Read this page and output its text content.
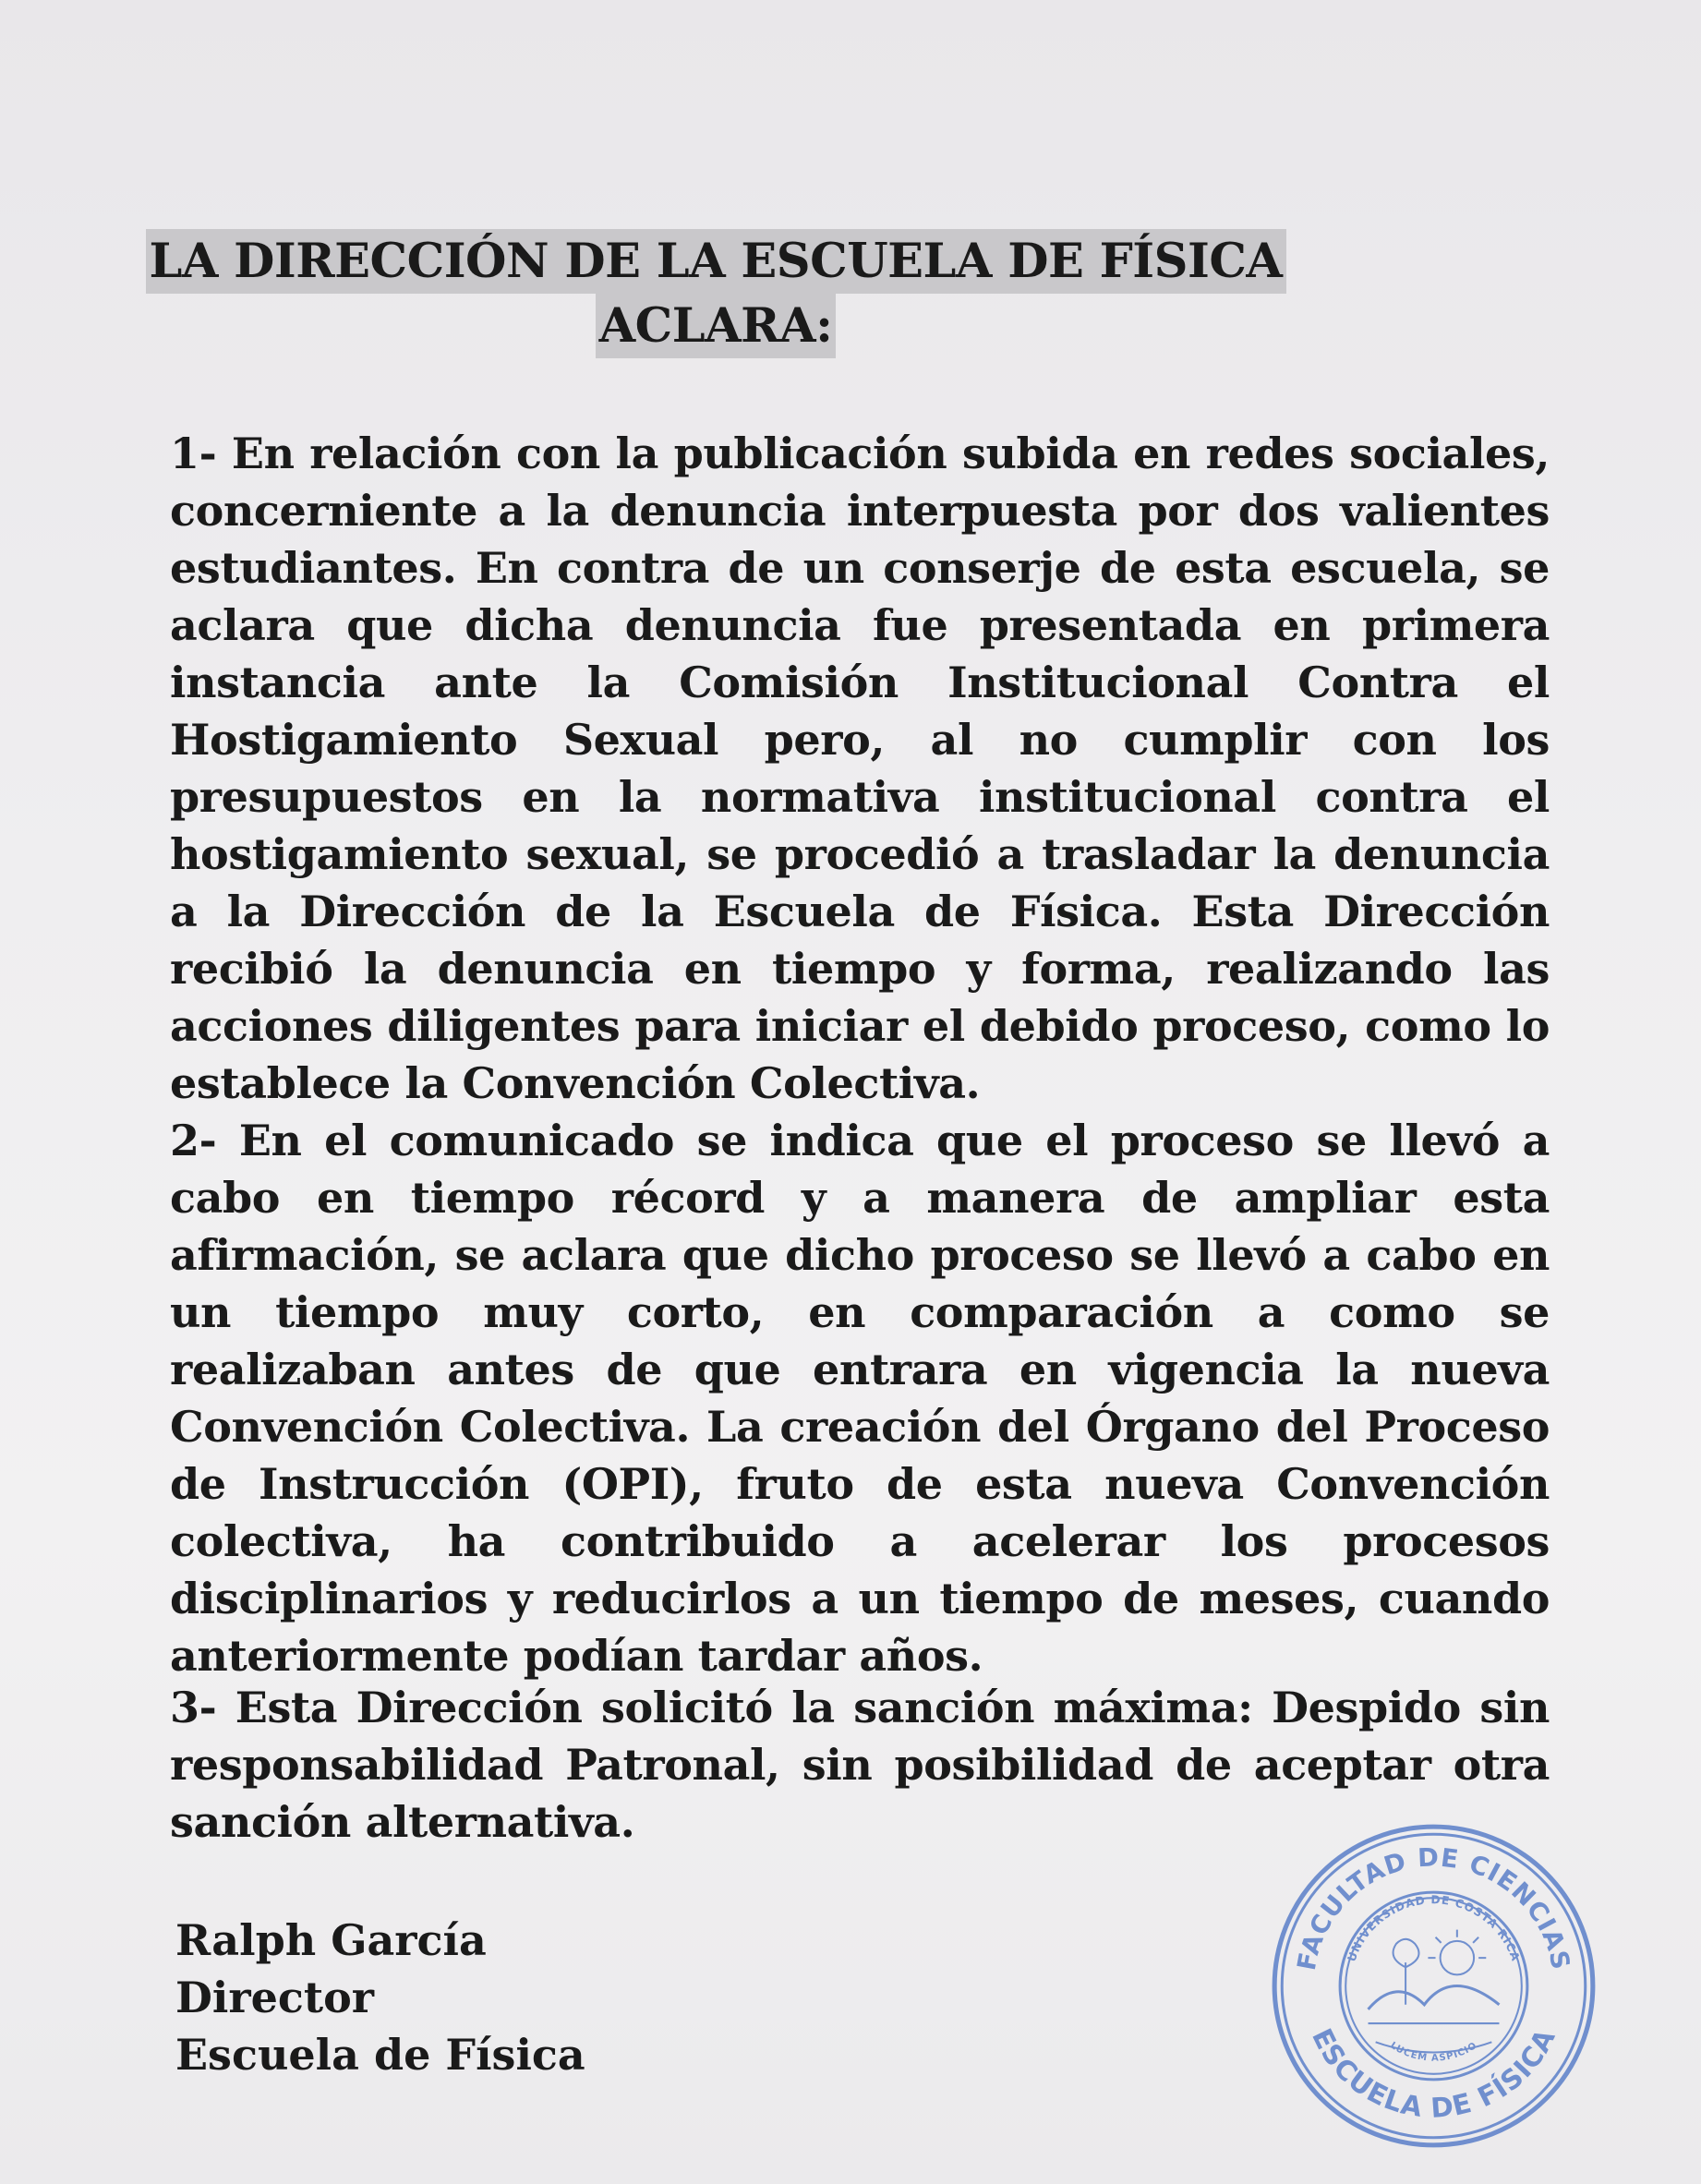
LA DIRECCIÓN DE LA ESCUELA DE FÍSICA
ACLARA:

1- En relación con la publicación subida en redes sociales, concerniente a la denuncia interpuesta por dos valientes estudiantes. En contra de un conserje de esta escuela, se aclara que dicha denuncia fue presentada en primera instancia ante la Comisión Institucional Contra el Hostigamiento Sexual pero, al no cumplir con los presupuestos en la normativa institucional contra el hostigamiento sexual, se procedió a trasladar la denuncia a la Dirección de la Escuela de Física. Esta Dirección recibió la denuncia en tiempo y forma, realizando las acciones diligentes para iniciar el debido proceso, como lo establece la Convención Colectiva.

2- En el comunicado se indica que el proceso se llevó a cabo en tiempo récord y a manera de ampliar esta afirmación, se aclara que dicho proceso se llevó a cabo en un tiempo muy corto, en comparación a como se realizaban antes de que entrara en vigencia la nueva Convención Colectiva. La creación del Órgano del Proceso de Instrucción (OPI), fruto de esta nueva Convención colectiva, ha contribuido a acelerar los procesos disciplinarios y reducirlos a un tiempo de meses, cuando anteriormente podían tardar años.

3- Esta Dirección solicitó la sanción máxima: Despido sin responsabilidad Patronal, sin posibilidad de aceptar otra sanción alternativa.

Ralph García
Director
Escuela de Física
FACULTAD DE CIENCIAS
ESCUELA DE FÍSICA
UNIVERSIDAD DE COSTA RICA
LUCEM ASPICIO
